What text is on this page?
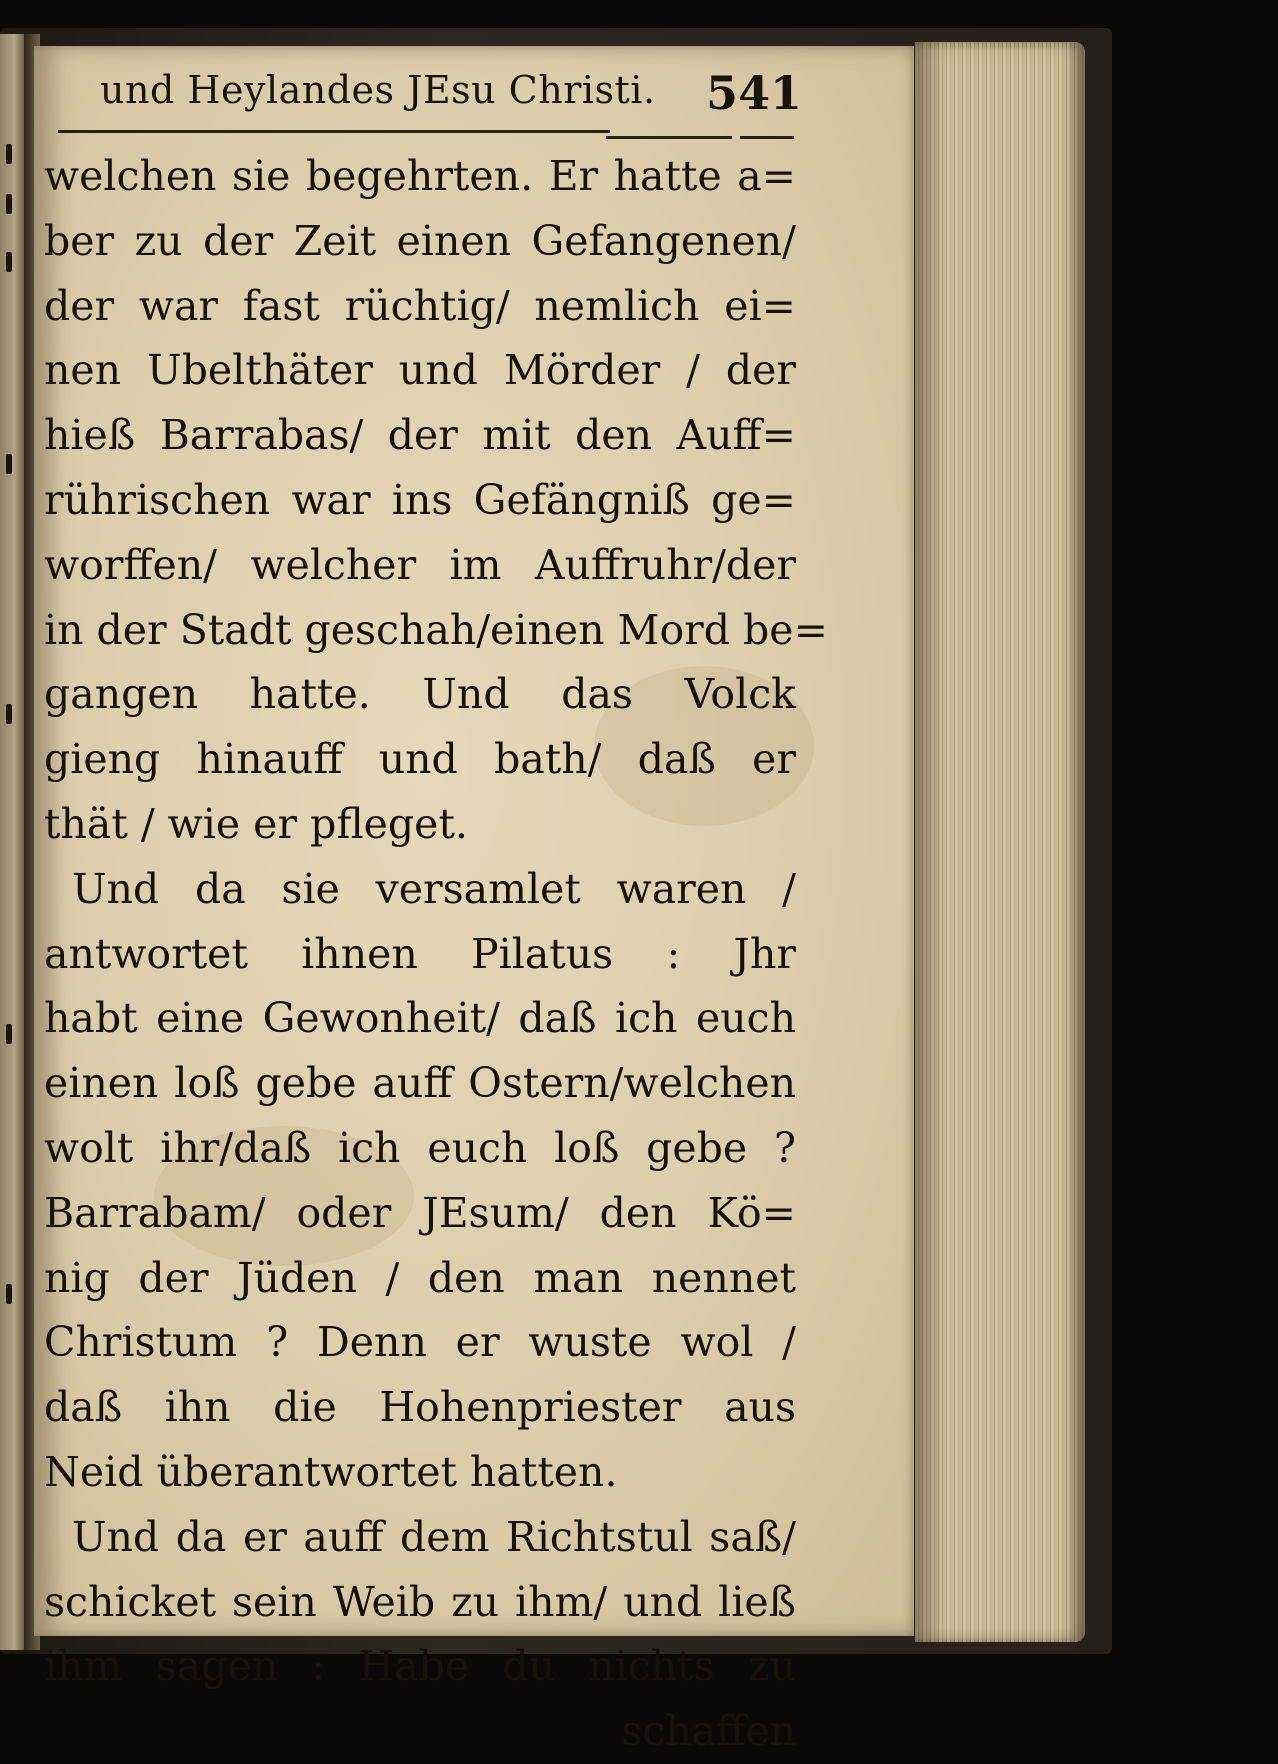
und Heylandes JEsu Christi. 541
welchen sie begehrten. Er hatte a=
ber zu der Zeit einen Gefangenen/
der war fast rüchtig/ nemlich ei=
nen Ubelthäter und Mörder / der
hieß Barrabas/ der mit den Auff=
rührischen war ins Gefängniß ge=
worffen/ welcher im Auffruhr/der
in der Stadt geschah/einen Mord be=
gangen hatte. Und das Volck
gieng hinauff und bath/ daß er
thät / wie er pfleget.
Und da sie versamlet waren /
antwortet ihnen Pilatus : Jhr
habt eine Gewonheit/ daß ich euch
einen loß gebe auff Ostern/welchen
wolt ihr/daß ich euch loß gebe ?
Barrabam/ oder JEsum/ den Kö=
nig der Jüden / den man nennet
Christum ? Denn er wuste wol /
daß ihn die Hohenpriester aus
Neid überantwortet hatten.
Und da er auff dem Richtstul saß/
schicket sein Weib zu ihm/ und ließ
ihm sagen : Habe du nichts zu
schaffen
